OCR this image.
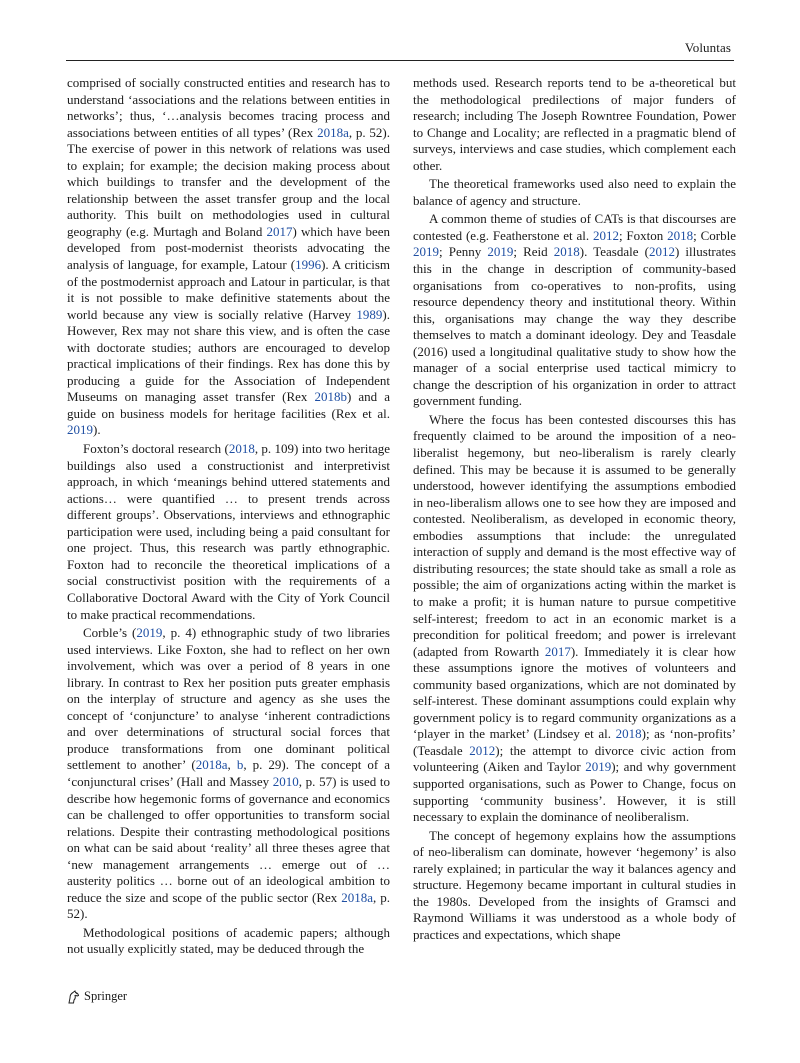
Voluntas

comprised of socially constructed entities and research has to understand ‘associations and the relations between entities in networks’; thus, ‘…analysis becomes tracing process and associations between entities of all types’ (Rex 2018a, p. 52). The exercise of power in this network of relations was used to explain; for example; the decision making process about which buildings to transfer and the development of the relationship between the asset transfer group and the local authority. This built on methodologies used in cultural geography (e.g. Murtagh and Boland 2017) which have been developed from post-modernist theorists advocating the analysis of language, for example, Latour (1996). A criticism of the postmodernist approach and Latour in particular, is that it is not possible to make definitive statements about the world because any view is socially relative (Harvey 1989). However, Rex may not share this view, and is often the case with doctorate studies; authors are encouraged to develop practical implications of their findings. Rex has done this by producing a guide for the Association of Independent Museums on managing asset transfer (Rex 2018b) and a guide on business models for heritage facilities (Rex et al. 2019).

Foxton’s doctoral research (2018, p. 109) into two heritage buildings also used a constructionist and interpretivist approach, in which ‘meanings behind uttered statements and actions… were quantified … to present trends across different groups’. Observations, interviews and ethnographic participation were used, including being a paid consultant for one project. Thus, this research was partly ethnographic. Foxton had to reconcile the theoretical implications of a social constructivist position with the requirements of a Collaborative Doctoral Award with the City of York Council to make practical recommendations.

Corble’s (2019, p. 4) ethnographic study of two libraries used interviews. Like Foxton, she had to reflect on her own involvement, which was over a period of 8 years in one library. In contrast to Rex her position puts greater emphasis on the interplay of structure and agency as she uses the concept of ‘conjuncture’ to analyse ‘inherent contradictions and over determinations of structural social forces that produce transformations from one dominant political settlement to another’ (2018a, b, p. 29). The concept of a ‘conjunctural crises’ (Hall and Massey 2010, p. 57) is used to describe how hegemonic forms of governance and economics can be challenged to offer opportunities to transform social relations. Despite their contrasting methodological positions on what can be said about ‘reality’ all three theses agree that ‘new management arrangements … emerge out of … austerity politics … borne out of an ideological ambition to reduce the size and scope of the public sector (Rex 2018a, p. 52).

Methodological positions of academic papers; although not usually explicitly stated, may be deduced through the

methods used. Research reports tend to be a-theoretical but the methodological predilections of major funders of research; including The Joseph Rowntree Foundation, Power to Change and Locality; are reflected in a pragmatic blend of surveys, interviews and case studies, which complement each other.

The theoretical frameworks used also need to explain the balance of agency and structure.

A common theme of studies of CATs is that discourses are contested (e.g. Featherstone et al. 2012; Foxton 2018; Corble 2019; Penny 2019; Reid 2018). Teasdale (2012) illustrates this in the change in description of community-based organisations from co-operatives to non-profits, using resource dependency theory and institutional theory. Within this, organisations may change the way they describe themselves to match a dominant ideology. Dey and Teasdale (2016) used a longitudinal qualitative study to show how the manager of a social enterprise used tactical mimicry to change the description of his organization in order to attract government funding.

Where the focus has been contested discourses this has frequently claimed to be around the imposition of a neo-liberalist hegemony, but neo-liberalism is rarely clearly defined. This may be because it is assumed to be generally understood, however identifying the assumptions embodied in neo-liberalism allows one to see how they are imposed and contested. Neoliberalism, as developed in economic theory, embodies assumptions that include: the unregulated interaction of supply and demand is the most effective way of distributing resources; the state should take as small a role as possible; the aim of organizations acting within the market is to make a profit; it is human nature to pursue competitive self-interest; freedom to act in an economic market is a precondition for political freedom; and power is irrelevant (adapted from Rowarth 2017). Immediately it is clear how these assumptions ignore the motives of volunteers and community based organizations, which are not dominated by self-interest. These dominant assumptions could explain why government policy is to regard community organizations as a ‘player in the market’ (Lindsey et al. 2018); as ‘non-profits’ (Teasdale 2012); the attempt to divorce civic action from volunteering (Aiken and Taylor 2019); and why government supported organisations, such as Power to Change, focus on supporting ‘community business’. However, it is still necessary to explain the dominance of neoliberalism.

The concept of hegemony explains how the assumptions of neo-liberalism can dominate, however ‘hegemony’ is also rarely explained; in particular the way it balances agency and structure. Hegemony became important in cultural studies in the 1980s. Developed from the insights of Gramsci and Raymond Williams it was understood as a whole body of practices and expectations, which shape

Springer
